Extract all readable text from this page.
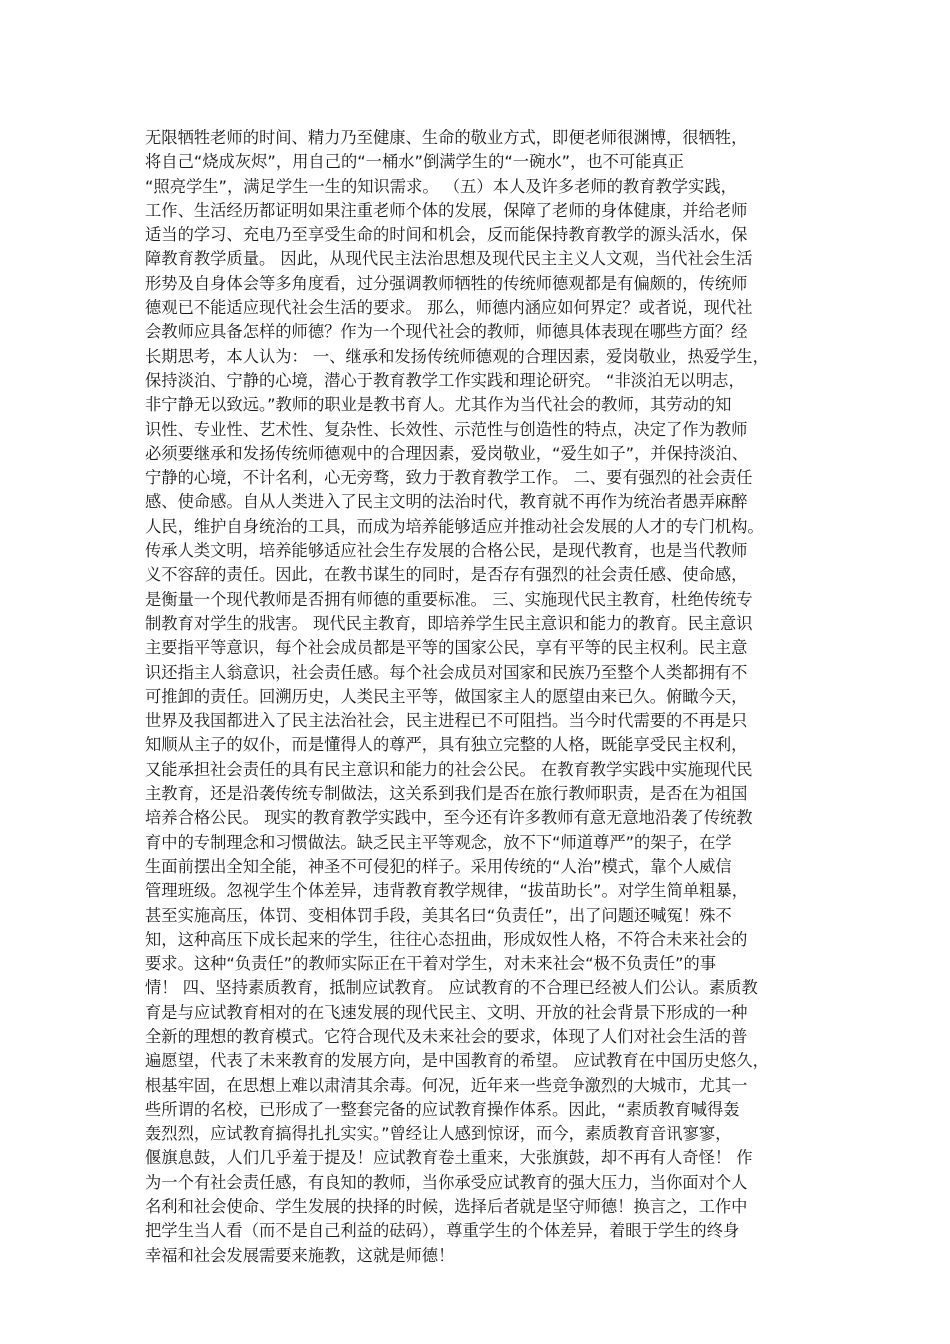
无限牺牲老师的时间、精力乃至健康、生命的敬业方式，即便老师很渊博，很牺牲，
将自己“烧成灰烬”，用自己的“一桶水”倒满学生的“一碗水”，也不可能真正
“照亮学生”，满足学生一生的知识需求。 （五）本人及许多老师的教育教学实践，
工作、生活经历都证明如果注重老师个体的发展，保障了老师的身体健康，并给老师
适当的学习、充电乃至享受生命的时间和机会，反而能保持教育教学的源头活水，保
障教育教学质量。 因此，从现代民主法治思想及现代民主主义人文观，当代社会生活
形势及自身体会等多角度看，过分强调教师牺牲的传统师德观都是有偏颇的，传统师
德观已不能适应现代社会生活的要求。 那么，师德内涵应如何界定？或者说，现代社
会教师应具备怎样的师德？作为一个现代社会的教师，师德具体表现在哪些方面？经
长期思考，本人认为： 一、继承和发扬传统师德观的合理因素，爱岗敬业，热爱学生，
保持淡泊、宁静的心境，潜心于教育教学工作实践和理论研究。 “非淡泊无以明志，
非宁静无以致远。”教师的职业是教书育人。尤其作为当代社会的教师，其劳动的知
识性、专业性、艺术性、复杂性、长效性、示范性与创造性的特点，决定了作为教师
必须要继承和发扬传统师德观中的合理因素，爱岗敬业，“爱生如子”，并保持淡泊、
宁静的心境，不计名利，心无旁骛，致力于教育教学工作。 二、要有强烈的社会责任
感、使命感。自从人类进入了民主文明的法治时代，教育就不再作为统治者愚弄麻醉
人民，维护自身统治的工具，而成为培养能够适应并推动社会发展的人才的专门机构。
传承人类文明，培养能够适应社会生存发展的合格公民，是现代教育，也是当代教师
义不容辞的责任。因此，在教书谋生的同时，是否存有强烈的社会责任感、使命感，
是衡量一个现代教师是否拥有师德的重要标准。 三、实施现代民主教育，杜绝传统专
制教育对学生的戕害。 现代民主教育，即培养学生民主意识和能力的教育。民主意识
主要指平等意识，每个社会成员都是平等的国家公民，享有平等的民主权利。民主意
识还指主人翁意识，社会责任感。每个社会成员对国家和民族乃至整个人类都拥有不
可推卸的责任。回溯历史，人类民主平等，做国家主人的愿望由来已久。俯瞰今天，
世界及我国都进入了民主法治社会，民主进程已不可阻挡。当今时代需要的不再是只
知顺从主子的奴仆，而是懂得人的尊严，具有独立完整的人格，既能享受民主权利，
又能承担社会责任的具有民主意识和能力的社会公民。 在教育教学实践中实施现代民
主教育，还是沿袭传统专制做法，这关系到我们是否在旅行教师职责，是否在为祖国
培养合格公民。 现实的教育教学实践中，至今还有许多教师有意无意地沿袭了传统教
育中的专制理念和习惯做法。缺乏民主平等观念，放不下“师道尊严”的架子，在学
生面前摆出全知全能，神圣不可侵犯的样子。采用传统的“人治”模式，靠个人威信
管理班级。忽视学生个体差异，违背教育教学规律，“拔苗助长”。对学生简单粗暴，
甚至实施高压，体罚、变相体罚手段，美其名曰“负责任”，出了问题还喊冤！殊不
知，这种高压下成长起来的学生，往往心态扭曲，形成奴性人格，不符合未来社会的
要求。这种“负责任”的教师实际正在干着对学生，对未来社会“极不负责任”的事
情！ 四、坚持素质教育，抵制应试教育。 应试教育的不合理已经被人们公认。素质教
育是与应试教育相对的在飞速发展的现代民主、文明、开放的社会背景下形成的一种
全新的理想的教育模式。它符合现代及未来社会的要求，体现了人们对社会生活的普
遍愿望，代表了未来教育的发展方向，是中国教育的希望。 应试教育在中国历史悠久，
根基牢固，在思想上难以肃清其余毒。何况，近年来一些竞争激烈的大城市，尤其一
些所谓的名校，已形成了一整套完备的应试教育操作体系。因此，“素质教育喊得轰
轰烈烈，应试教育搞得扎扎实实。”曾经让人感到惊讶，而今，素质教育音讯寥寥，
偃旗息鼓，人们几乎羞于提及！应试教育卷土重来，大张旗鼓，却不再有人奇怪！ 作
为一个有社会责任感，有良知的教师，当你承受应试教育的强大压力，当你面对个人
名利和社会使命、学生发展的抉择的时候，选择后者就是坚守师德！换言之，工作中
把学生当人看（而不是自己利益的砝码），尊重学生的个体差异，着眼于学生的终身
幸福和社会发展需要来施教，这就是师德！
